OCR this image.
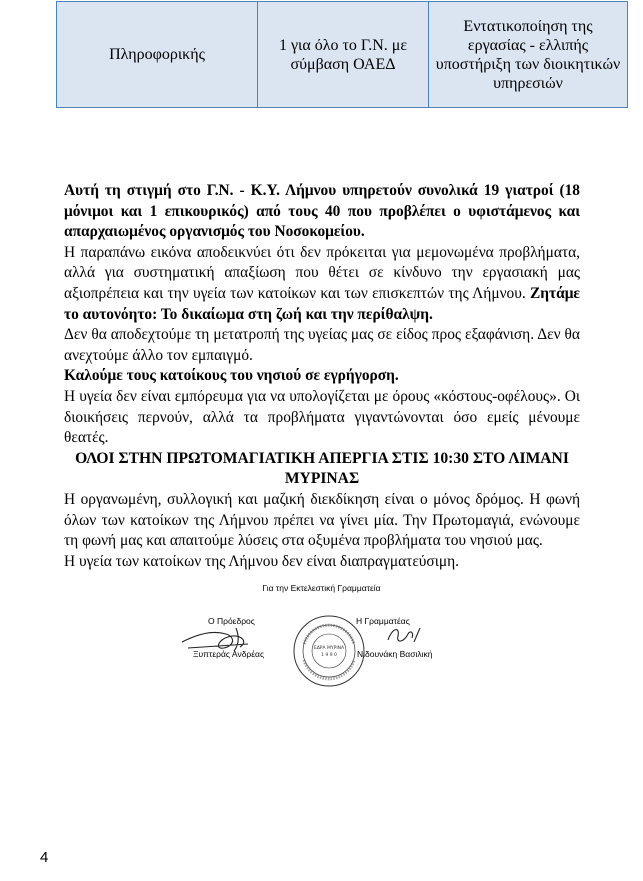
Πληροφορικής	1 για όλο το Γ.Ν. με σύμβαση ΟΑΕΔ	Εντατικοποίηση της εργασίας - ελλιπής υποστήριξη των διοικητικών υπηρεσιών

Αυτή τη στιγμή στο Γ.Ν. - Κ.Υ. Λήμνου υπηρετούν συνολικά 19 γιατροί (18 μόνιμοι και 1 επικουρικός) από τους 40 που προβλέπει ο υφιστάμενος και απαρχαιωμένος οργανισμός του Νοσοκομείου.

Η παραπάνω εικόνα αποδεικνύει ότι δεν πρόκειται για μεμονωμένα προβλήματα, αλλά για συστηματική απαξίωση που θέτει σε κίνδυνο την εργασιακή μας αξιοπρέπεια και την υγεία των κατοίκων και των επισκεπτών της Λήμνου. Ζητάμε το αυτονόητο: Το δικαίωμα στη ζωή και την περίθαλψη.

Δεν θα αποδεχτούμε τη μετατροπή της υγείας μας σε είδος προς εξαφάνιση. Δεν θα ανεχτούμε άλλο τον εμπαιγμό.

Καλούμε τους κατοίκους του νησιού σε εγρήγορση.

Η υγεία δεν είναι εμπόρευμα για να υπολογίζεται με όρους «κόστους-οφέλους». Οι διοικήσεις περνούν, αλλά τα προβλήματα γιγαντώνονται όσο εμείς μένουμε θεατές.

ΟΛΟΙ ΣΤΗΝ ΠΡΩΤΟΜΑΓΙΑΤΙΚΗ ΑΠΕΡΓΙΑ ΣΤΙΣ 10:30 ΣΤΟ ΛΙΜΑΝΙ ΜΥΡΙΝΑΣ

Η οργανωμένη, συλλογική και μαζική διεκδίκηση είναι ο μόνος δρόμος. Η φωνή όλων των κατοίκων της Λήμνου πρέπει να γίνει μία. Την Πρωτομαγιά, ενώνουμε τη φωνή μας και απαιτούμε λύσεις στα οξυμένα προβλήματα του νησιού μας.

Η υγεία των κατοίκων της Λήμνου δεν είναι διαπραγματεύσιμη.

Για την Εκτελεστική Γραμματεία
Ο Πρόεδρος
Ξυπτεράς Ανδρέας
Η Γραμματέας
Νιδουνάκη Βασιλική
ΕΔΡΑ ΜΥΡΙΝΑ
1 9 9 0
4
